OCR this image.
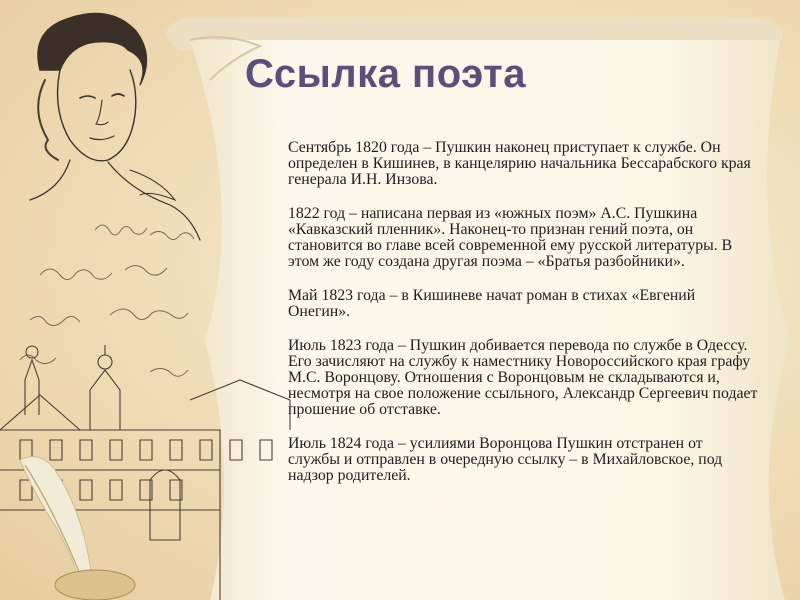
Ссылка поэта

Сентябрь 1820 года – Пушкин наконец приступает к службе. Он определен в Кишинев, в канцелярию начальника Бессарабского края генерала И.Н. Инзова.

1822 год – написана первая из «южных поэм» А.С. Пушкина «Кавказский пленник». Наконец-то признан гений поэта, он становится во главе всей современной ему русской литературы. В этом же году создана другая поэма – «Братья разбойники».

Май 1823 года – в Кишиневе начат роман в стихах «Евгений Онегин».

Июль 1823 года – Пушкин добивается перевода по службе в Одессу. Его зачисляют на службу к наместнику Новороссийского края графу М.С. Воронцову. Отношения с Воронцовым не складываются и, несмотря на свое положение ссыльного, Александр Сергеевич подает прошение об отставке.

Июль 1824 года – усилиями Воронцова Пушкин отстранен от службы и отправлен в очередную ссылку – в Михайловское, под надзор родителей.
